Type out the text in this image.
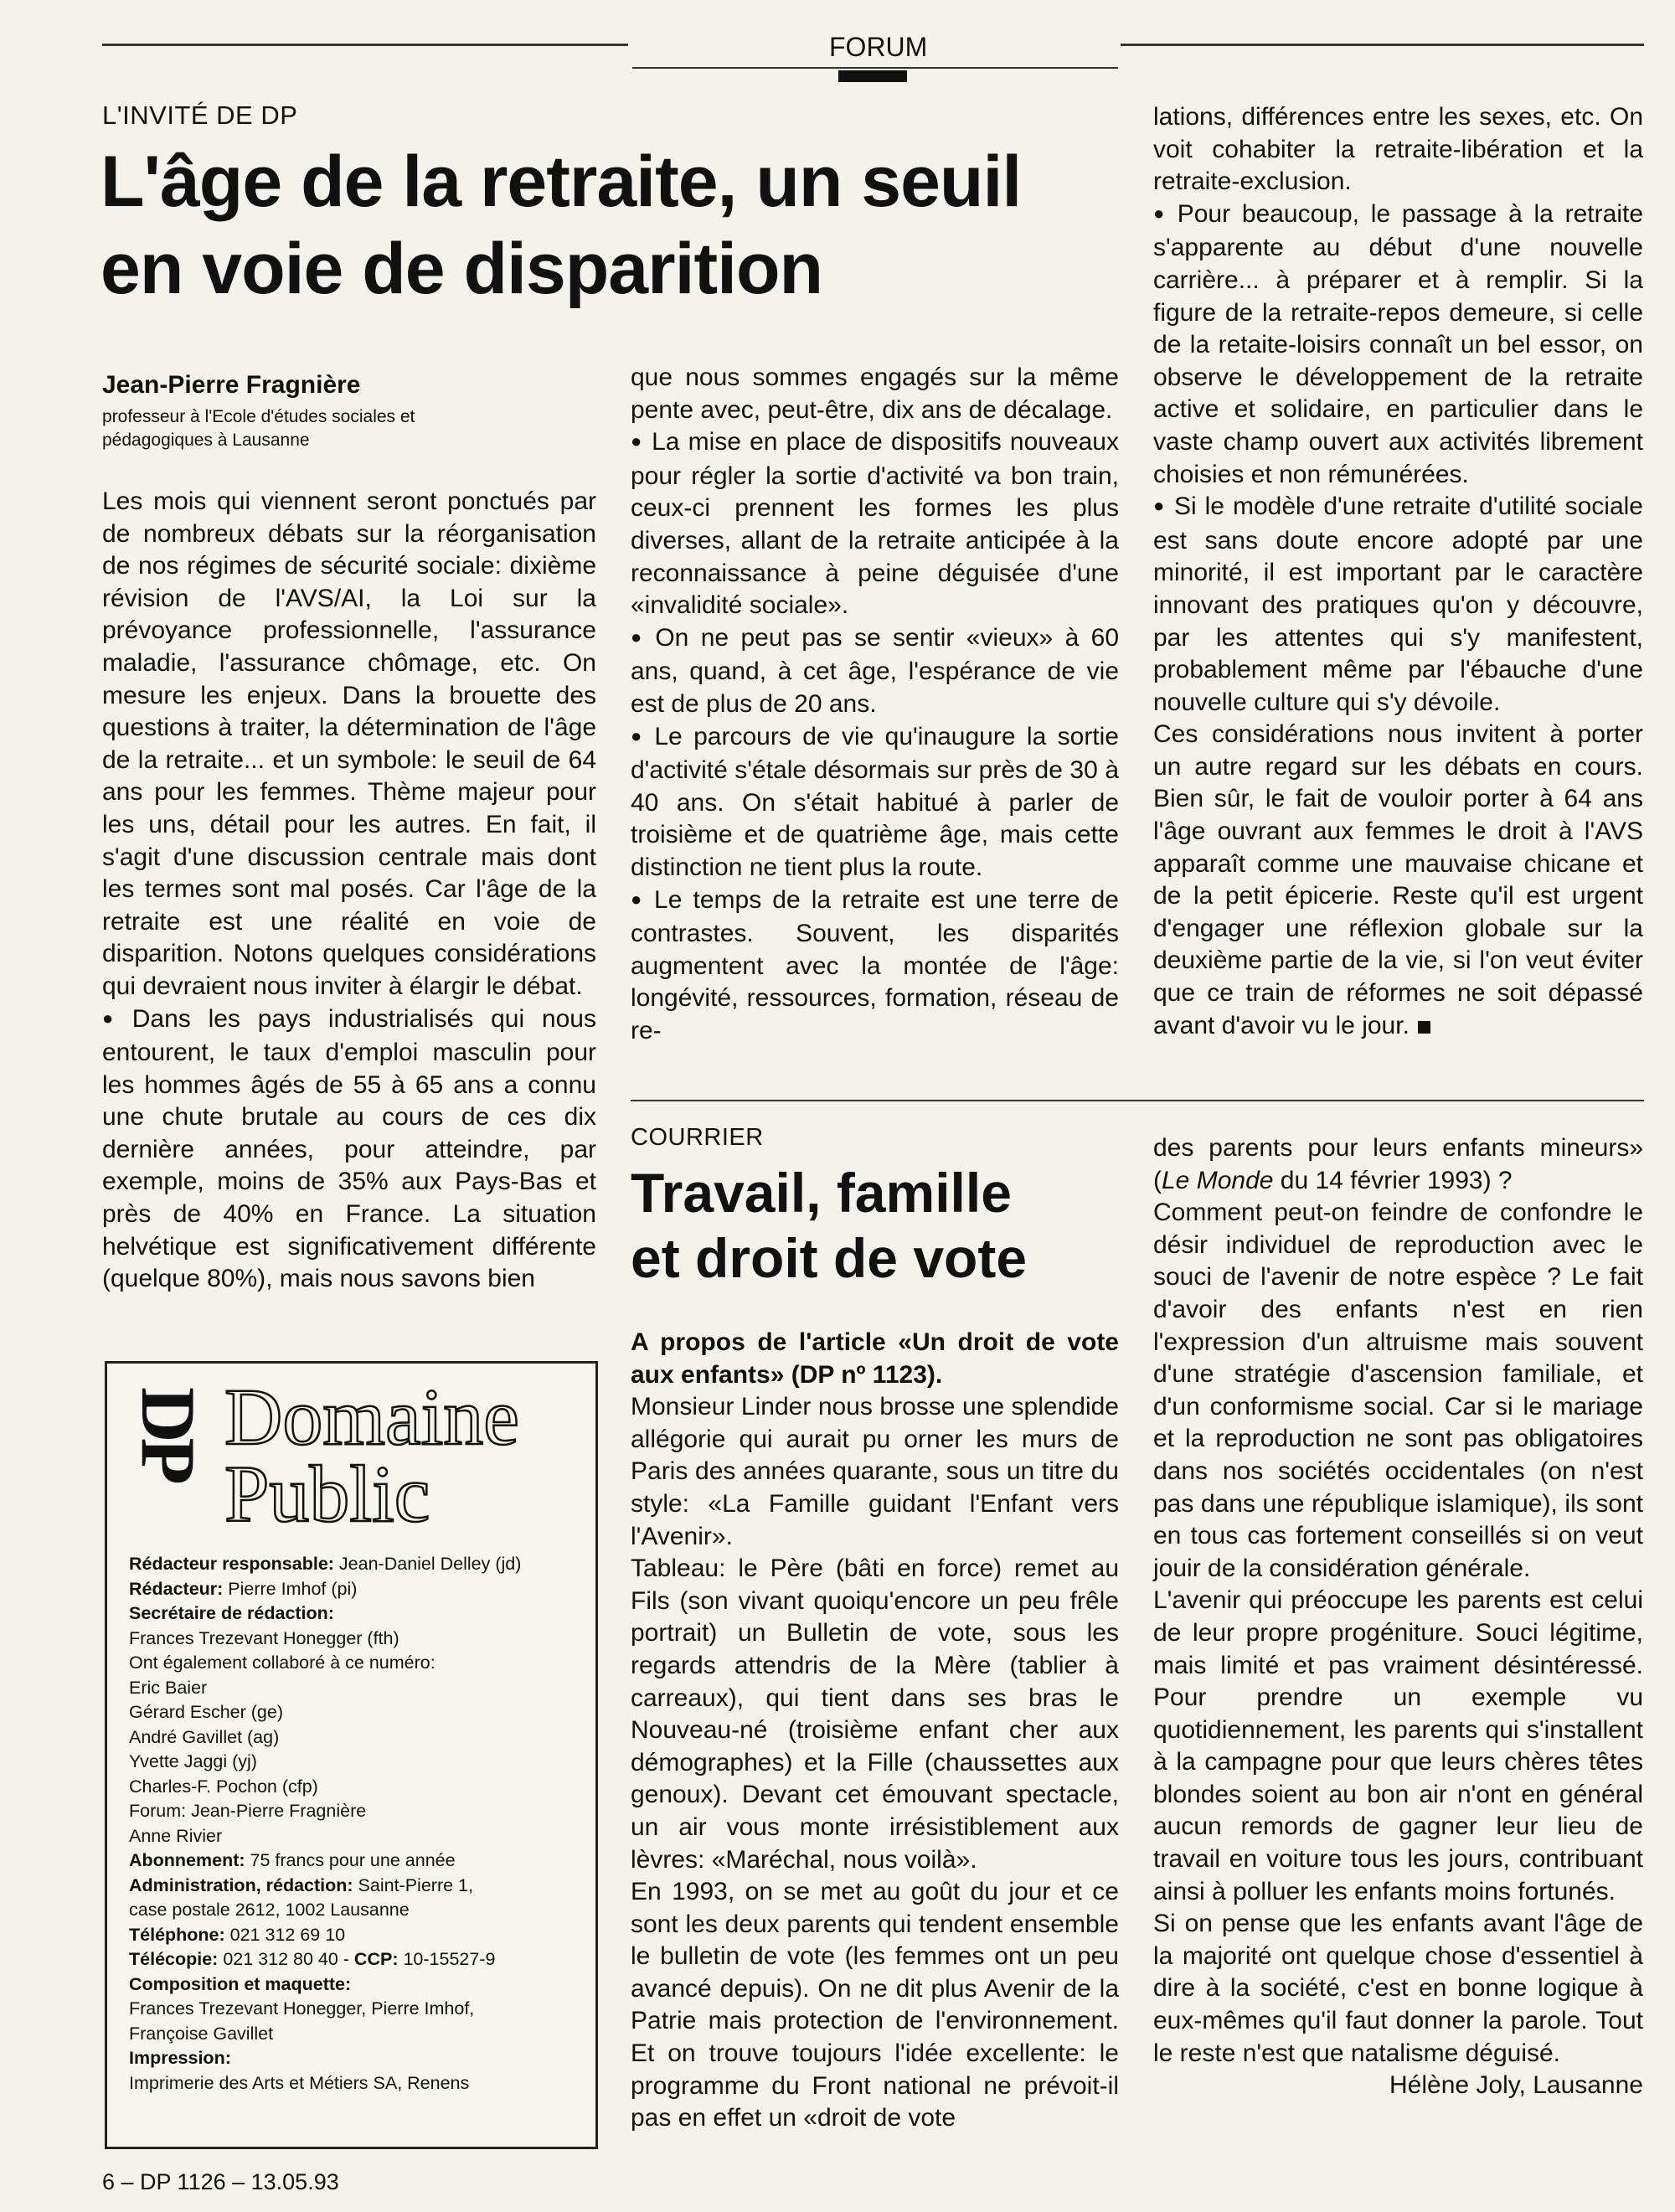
FORUM
L'INVITÉ DE DP
L'âge de la retraite, un seuil
en voie de disparition
Jean-Pierre Fragnière
professeur à l'Ecole d'études sociales et
pédagogiques à Lausanne

Les mois qui viennent seront ponctués par de nombreux débats sur la réorganisation de nos régimes de sécurité sociale: dixième révision de l'AVS/AI, la Loi sur la prévoyance professionnelle, l'assurance maladie, l'assurance chômage, etc. On mesure les enjeux. Dans la brouette des questions à traiter, la détermination de l'âge de la retraite... et un symbole: le seuil de 64 ans pour les femmes. Thème majeur pour les uns, détail pour les autres. En fait, il s'agit d'une discussion centrale mais dont les termes sont mal posés. Car l'âge de la retraite est une réalité en voie de disparition. Notons quelques considérations qui devraient nous inviter à élargir le débat.

● Dans les pays industrialisés qui nous entourent, le taux d'emploi masculin pour les hommes âgés de 55 à 65 ans a connu une chute brutale au cours de ces dix dernière années, pour atteindre, par exemple, moins de 35% aux Pays-Bas et près de 40% en France. La situation helvétique est significativement différente (quelque 80%), mais nous savons bien

que nous sommes engagés sur la même pente avec, peut-être, dix ans de décalage.

● La mise en place de dispositifs nouveaux pour régler la sortie d'activité va bon train, ceux-ci prennent les formes les plus diverses, allant de la retraite anticipée à la reconnaissance à peine déguisée d'une «invalidité sociale».

● On ne peut pas se sentir «vieux» à 60 ans, quand, à cet âge, l'espérance de vie est de plus de 20 ans.

● Le parcours de vie qu'inaugure la sortie d'activité s'étale désormais sur près de 30 à 40 ans. On s'était habitué à parler de troisième et de quatrième âge, mais cette distinction ne tient plus la route.

● Le temps de la retraite est une terre de contrastes. Souvent, les disparités augmentent avec la montée de l'âge: longévité, ressources, formation, réseau de re-

lations, différences entre les sexes, etc. On voit cohabiter la retraite-libération et la retraite-exclusion.

● Pour beaucoup, le passage à la retraite s'apparente au début d'une nouvelle carrière... à préparer et à remplir. Si la figure de la retraite-repos demeure, si celle de la retaite-loisirs connaît un bel essor, on observe le développement de la retraite active et solidaire, en particulier dans le vaste champ ouvert aux activités librement choisies et non rémunérées.

● Si le modèle d'une retraite d'utilité sociale est sans doute encore adopté par une minorité, il est important par le caractère innovant des pratiques qu'on y découvre, par les attentes qui s'y manifestent, probablement même par l'ébauche d'une nouvelle culture qui s'y dévoile.

Ces considérations nous invitent à porter un autre regard sur les débats en cours. Bien sûr, le fait de vouloir porter à 64 ans l'âge ouvrant aux femmes le droit à l'AVS apparaît comme une mauvaise chicane et de la petit épicerie. Reste qu'il est urgent d'engager une réflexion globale sur la deuxième partie de la vie, si l'on veut éviter que ce train de réformes ne soit dépassé avant d'avoir vu le jour.

COURRIER
Travail, famille
et droit de vote

A propos de l'article «Un droit de vote aux enfants» (DP nº 1123).

Monsieur Linder nous brosse une splendide allégorie qui aurait pu orner les murs de Paris des années quarante, sous un titre du style: «La Famille guidant l'Enfant vers l'Avenir».

Tableau: le Père (bâti en force) remet au Fils (son vivant quoiqu'encore un peu frêle portrait) un Bulletin de vote, sous les regards attendris de la Mère (tablier à carreaux), qui tient dans ses bras le Nouveau-né (troisième enfant cher aux démographes) et la Fille (chaussettes aux genoux). Devant cet émouvant spectacle, un air vous monte irrésistiblement aux lèvres: «Maréchal, nous voilà».

En 1993, on se met au goût du jour et ce sont les deux parents qui tendent ensemble le bulletin de vote (les femmes ont un peu avancé depuis). On ne dit plus Avenir de la Patrie mais protection de l'environnement. Et on trouve toujours l'idée excellente: le programme du Front national ne prévoit-il pas en effet un «droit de vote

des parents pour leurs enfants mineurs» (Le Monde du 14 février 1993) ?

Comment peut-on feindre de confondre le désir individuel de reproduction avec le souci de l'avenir de notre espèce ? Le fait d'avoir des enfants n'est en rien l'expression d'un altruisme mais souvent d'une stratégie d'ascension familiale, et d'un conformisme social. Car si le mariage et la reproduction ne sont pas obligatoires dans nos sociétés occidentales (on n'est pas dans une république islamique), ils sont en tous cas fortement conseillés si on veut jouir de la considération générale.

L'avenir qui préoccupe les parents est celui de leur propre progéniture. Souci légitime, mais limité et pas vraiment désintéressé. Pour prendre un exemple vu quotidiennement, les parents qui s'installent à la campagne pour que leurs chères têtes blondes soient au bon air n'ont en général aucun remords de gagner leur lieu de travail en voiture tous les jours, contribuant ainsi à polluer les enfants moins fortunés.

Si on pense que les enfants avant l'âge de la majorité ont quelque chose d'essentiel à dire à la société, c'est en bonne logique à eux-mêmes qu'il faut donner la parole. Tout le reste n'est que natalisme déguisé.

Hélène Joly, Lausanne

DP Domaine
Public
Rédacteur responsable: Jean-Daniel Delley (jd)
Rédacteur: Pierre Imhof (pi)
Secrétaire de rédaction:
Frances Trezevant Honegger (fth)
Ont également collaboré à ce numéro:
Eric Baier
Gérard Escher (ge)
André Gavillet (ag)
Yvette Jaggi (yj)
Charles-F. Pochon (cfp)
Forum: Jean-Pierre Fragnière
Anne Rivier
Abonnement: 75 francs pour une année
Administration, rédaction: Saint-Pierre 1,
case postale 2612, 1002 Lausanne
Téléphone: 021 312 69 10
Télécopie: 021 312 80 40 - CCP: 10-15527-9
Composition et maquette:
Frances Trezevant Honegger, Pierre Imhof,
Françoise Gavillet
Impression:
Imprimerie des Arts et Métiers SA, Renens
6 – DP 1126 – 13.05.93
